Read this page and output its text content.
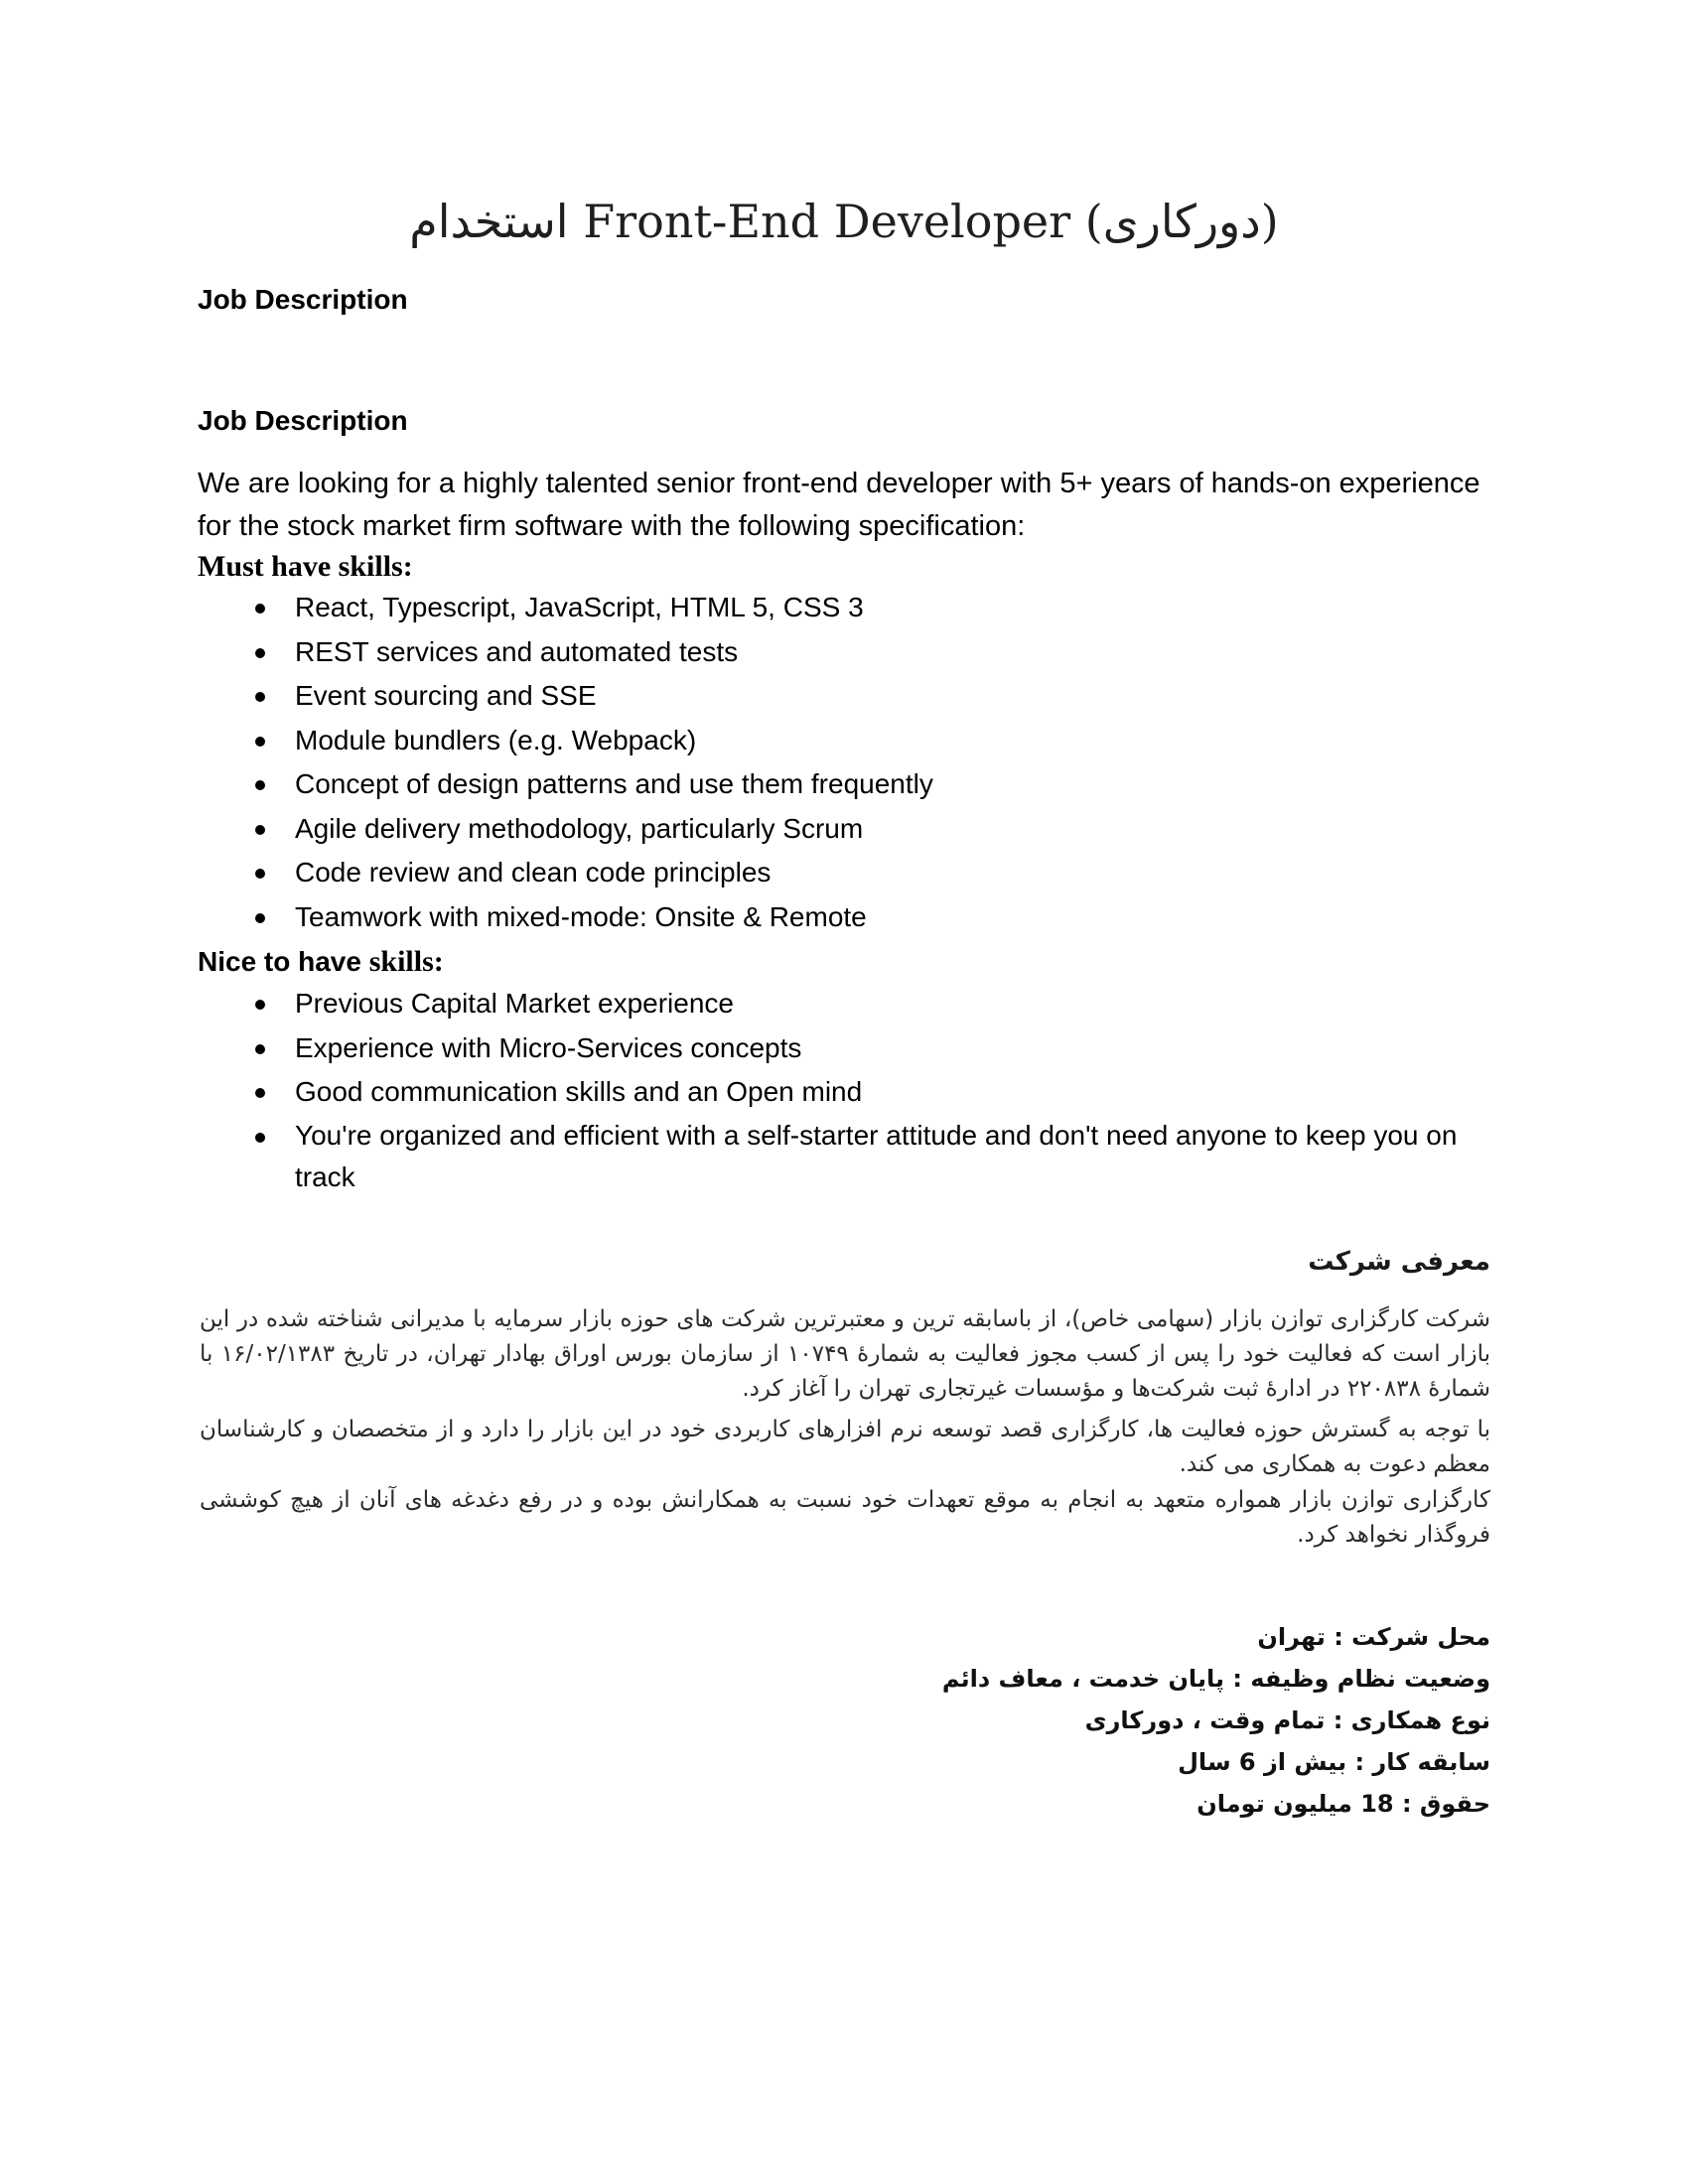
استخدام Front-End Developer (دورکاری)
Job Description
Job Description

We are looking for a highly talented senior front-end developer with 5+ years of hands-on experience for the stock market firm software with the following specification:

Must have skills:

React, Typescript, JavaScript, HTML 5, CSS 3
REST services and automated tests
Event sourcing and SSE
Module bundlers (e.g. Webpack)
Concept of design patterns and use them frequently
Agile delivery methodology, particularly Scrum
Code review and clean code principles
Teamwork with mixed-mode: Onsite & Remote

Nice to have skills:

Previous Capital Market experience
Experience with Micro-Services concepts
Good communication skills and an Open mind
You're organized and efficient with a self-starter attitude and don't need anyone to keep you on track
معرفی شرکت

شرکت کارگزاری توازن بازار (سهامی خاص)، از باسابقه ترین و معتبرترین شرکت های حوزه بازار سرمایه با مدیرانی شناخته شده در این بازار است که فعالیت خود را پس از کسب مجوز فعالیت به شمارۀ ۱۰۷۴۹ از سازمان بورس اوراق بهادار تهران، در تاریخ ۱۶/۰۲/۱۳۸۳ با شمارۀ ۲۲۰۸۳۸ در ادارۀ ثبت شرکت‌ها و مؤسسات غیرتجاری تهران را آغاز کرد.

با توجه به گسترش حوزه فعالیت ها، کارگزاری قصد توسعه نرم افزارهای کاربردی خود در این بازار را دارد و از متخصصان و کارشناسان معظم دعوت به همکاری می کند.

کارگزاری توازن بازار همواره متعهد به انجام به موقع تعهدات خود نسبت به همکارانش بوده و در رفع دغدغه های آنان از هیچ کوششی فروگذار نخواهد کرد.

محل شرکت : تهران
وضعیت نظام وظیفه : پایان خدمت ، معاف دائم
نوع همکاری : تمام وقت ، دورکاری
سابقه کار : بیش از 6 سال
حقوق : 18 میلیون تومان
